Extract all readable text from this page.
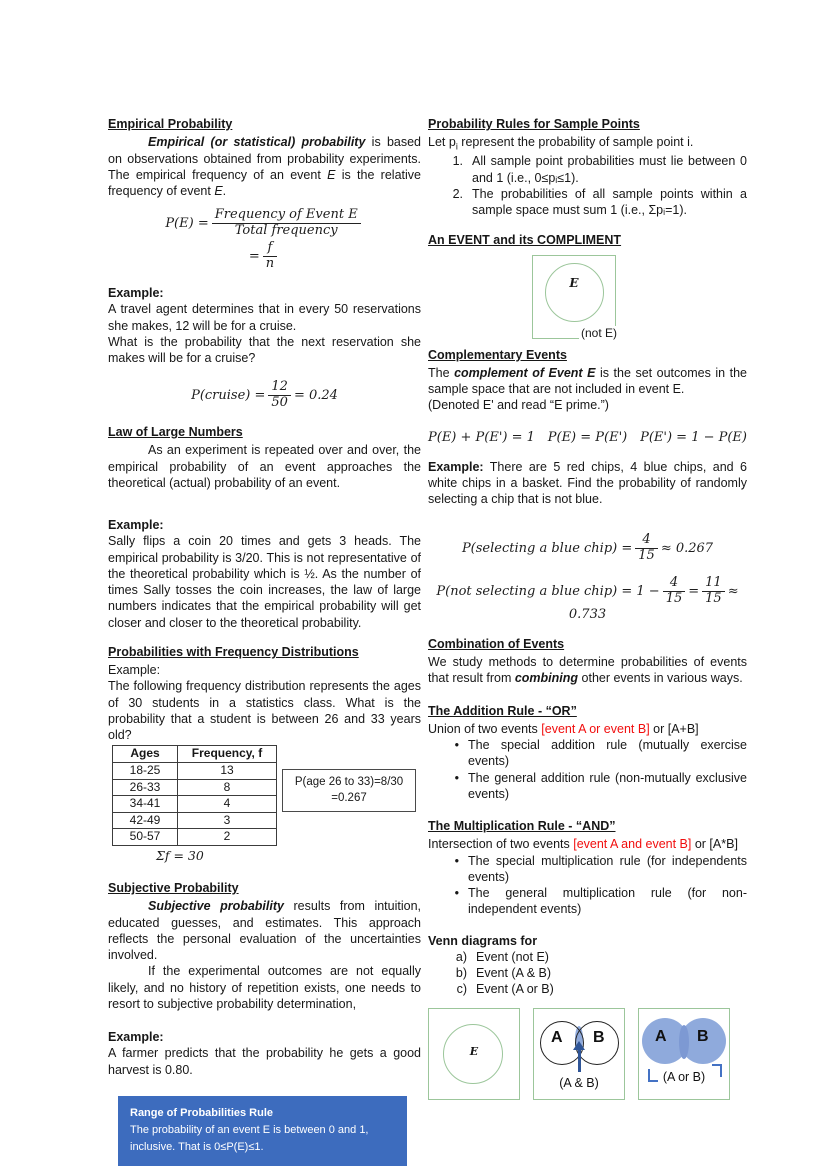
Empirical Probability
Empirical (or statistical) probability is based on observations obtained from probability experiments. The empirical frequency of an event E is the relative frequency of event E.
$P(E) = \frac{\text{Frequency of Event E}}{\text{Total frequency}}$
= $\frac{f}{n}$
Example:
A travel agent determines that in every 50 reservations she makes, 12 will be for a cruise.
What is the probability that the next reservation she makes will be for a cruise?
P(cruise) = $\frac{12}{50} = 0.24$
Law of Large Numbers
As an experiment is repeated over and over, the empirical probability of an event approaches the theoretical (actual) probability of an event.
Example:
Sally flips a coin 20 times and gets 3 heads. The empirical probability is 3/20. This is not representative of the theoretical probability which is ½. As the number of times Sally tosses the coin increases, the law of large numbers indicates that the empirical probability will get closer and closer to the theoretical probability.
Probabilities with Frequency Distributions
Example:
The following frequency distribution represents the ages of 30 students in a statistics class. What is the probability that a student is between 26 and 33 years old?
Ages	Frequency, f
18-25	13
26-33	8
34-41	4
42-49	3
50-57	2
Σf = 30
P(age 26 to 33)=8/30
=0.267
Subjective Probability
Subjective probability results from intuition, educated guesses, and estimates. This approach reflects the personal evaluation of the uncertainties involved.
If the experimental outcomes are not equally likely, and no history of repetition exists, one needs to resort to subjective probability determination,
Example:
A farmer predicts that the probability he gets a good harvest is 0.80.
Range of Probabilities Rule
The probability of an event E is between 0 and 1, inclusive. That is 0≤P(E)≤1.
Probability Rules for Sample Points
Let $p_i$ represent the probability of sample point i.
1. All sample point probabilities must lie between 0 and 1 (i.e., 0≤pᵢ≤1).
2. The probabilities of all sample points within a sample space must sum 1 (i.e., Σpᵢ=1).
An EVENT and its COMPLIMENT
E
(not E)
Complementary Events
The complement of Event E is the set outcomes in the sample space that are not included in event E.
(Denoted E' and read “E prime.”)
P(E) + P(E') = 1 P(E) = P(E') P(E') = 1 − P(E)
Example: There are 5 red chips, 4 blue chips, and 6 white chips in a basket. Find the probability of randomly selecting a chip that is not blue.
P(selecting a blue chip) = $\frac{4}{15} \approx 0.267$
P(not selecting a blue chip) = $1 - \frac{4}{15} = \frac{11}{15} \approx 0.733$
Combination of Events
We study methods to determine probabilities of events that result from combining other events in various ways.
The Addition Rule - “OR”
Union of two events [event A or event B] or [A+B]
• The special addition rule (mutually exercise events)
• The general addition rule (non-mutually exclusive events)
The Multiplication Rule - “AND”
Intersection of two events [event A and event B] or [A*B]
• The special multiplication rule (for independents events)
• The general multiplication rule (for non-independent events)
Venn diagrams for
a) Event (not E)
b) Event (A & B)
c) Event (A or B)
E
A B
(A & B)
A B
(A or B)
